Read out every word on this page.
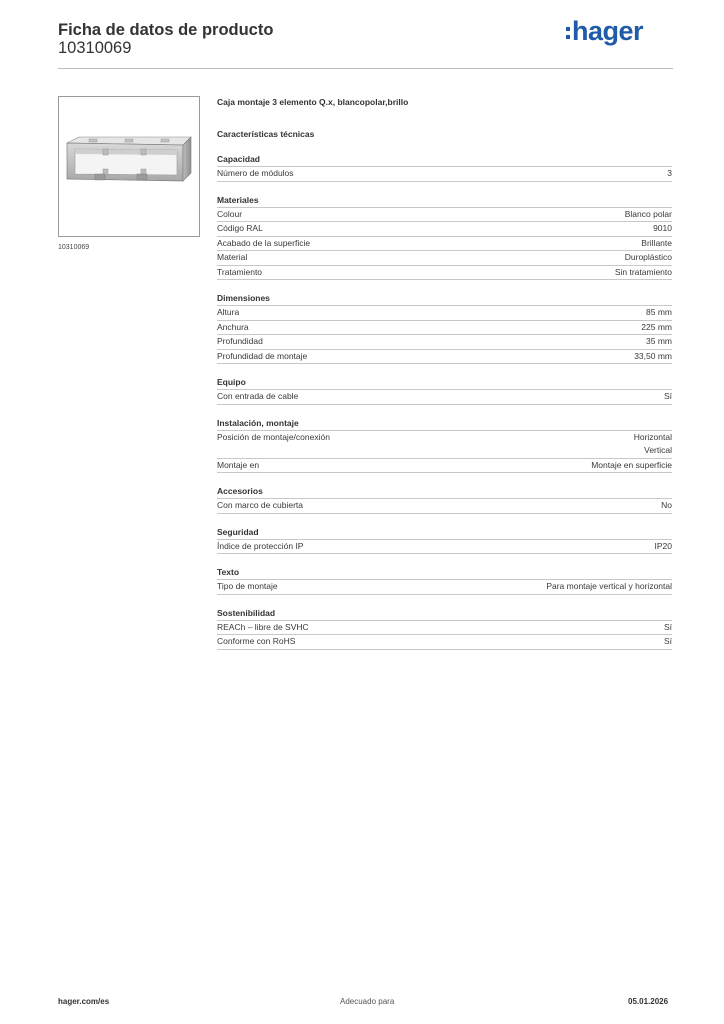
Ficha de datos de producto
10310069
hager
10310069
Caja montaje 3 elemento Q.x, blancopolar,brillo
Características técnicas
Capacidad
Número de módulos	3
Materiales
Colour	Blanco polar
Código RAL	9010
Acabado de la superficie	Brillante
Material	Duroplástico
Tratamiento	Sin tratamiento
Dimensiones
Altura	85 mm
Anchura	225 mm
Profundidad	35 mm
Profundidad de montaje	33,50 mm
Equipo
Con entrada de cable	Sí
Instalación, montaje
Posición de montaje/conexión	Horizontal
Vertical
Montaje en	Montaje en superficie
Accesorios
Con marco de cubierta	No
Seguridad
Índice de protección IP	IP20
Texto
Tipo de montaje	Para montaje vertical y horizontal
Sostenibilidad
REACh – libre de SVHC	Sí
Conforme con RoHS	Sí
hager.com/es	Adecuado para	05.01.2026
